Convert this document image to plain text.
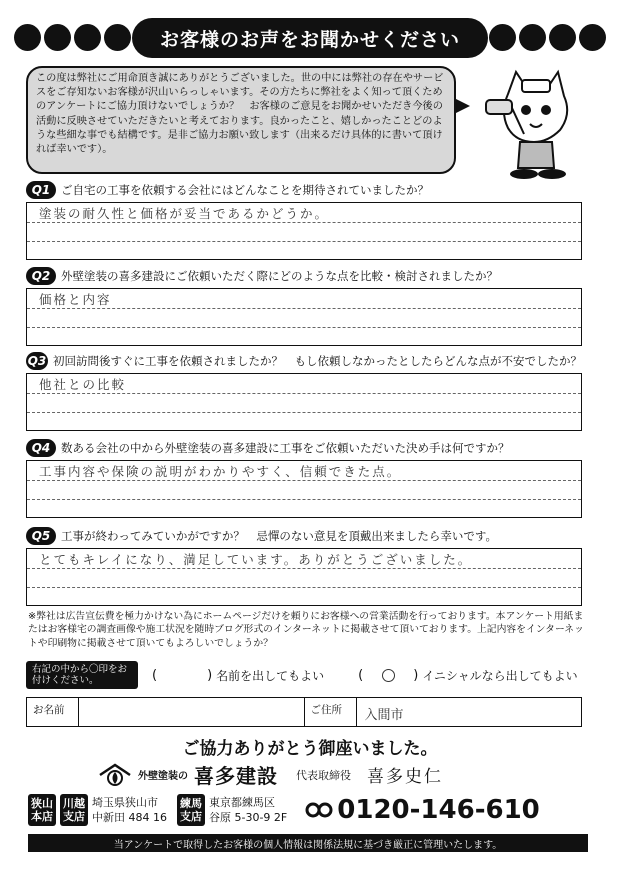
お客様のお声をお聞かせください
この度は弊社にご用命頂き誠にありがとうございました。世の中には弊社の存在やサービスをご存知ないお客様が沢山いらっしゃいます。その方たちに弊社をよく知って頂くためのアンケートにご協力頂けないでしょうか？　お客様のご意見をお聞かせいただき今後の活動に反映させていただきたいと考えております。良かったこと、嬉しかったことどのような些細な事でも結構です。是非ご協力お願い致します（出来るだけ具体的に書いて頂ければ幸いです）。
Q1 ご自宅の工事を依頼する会社にはどんなことを期待されていましたか？
塗装の耐久性と価格が妥当であるかどうか。
Q2 外壁塗装の喜多建設にご依頼いただく際にどのような点を比較・検討されましたか？
価格と内容
Q3 初回訪問後すぐに工事を依頼されましたか？　もし依頼しなかったとしたらどんな点が不安でしたか？
他社との比較
Q4 数ある会社の中から外壁塗装の喜多建設に工事をご依頼いただいた決め手は何ですか？
工事内容や保険の説明がわかりやすく、信頼できた点。
Q5 工事が終わってみていかがですか？　忌憚のない意見を頂戴出来ましたら幸いです。
とてもキレイになり、満足しています。ありがとうございました。
※弊社は広告宣伝費を極力かけない為にホームページだけを頼りにお客様への営業活動を行っております。本アンケート用紙またはお客様宅の調査画像や施工状況を随時ブログ形式のインターネットに掲載させて頂いております。上記内容をインターネットや印刷物に掲載させて頂いてもよろしいでしょうか？
右記の中から〇印をお付けください。	(	) 名前を出してもよい	(	) イニシャルなら出してもよい
お名前	ご住所	入間市
ご協力ありがとう御座いました。
外壁塗装の 喜多建設 代表取締役 喜多史仁
狭山本店
川越支店
埼玉県狭山市
中新田 484 16
練馬支店
東京都練馬区
谷原 5-30-9 2F 0120-146-610
当アンケートで取得したお客様の個人情報は関係法規に基づき厳正に管理いたします。
